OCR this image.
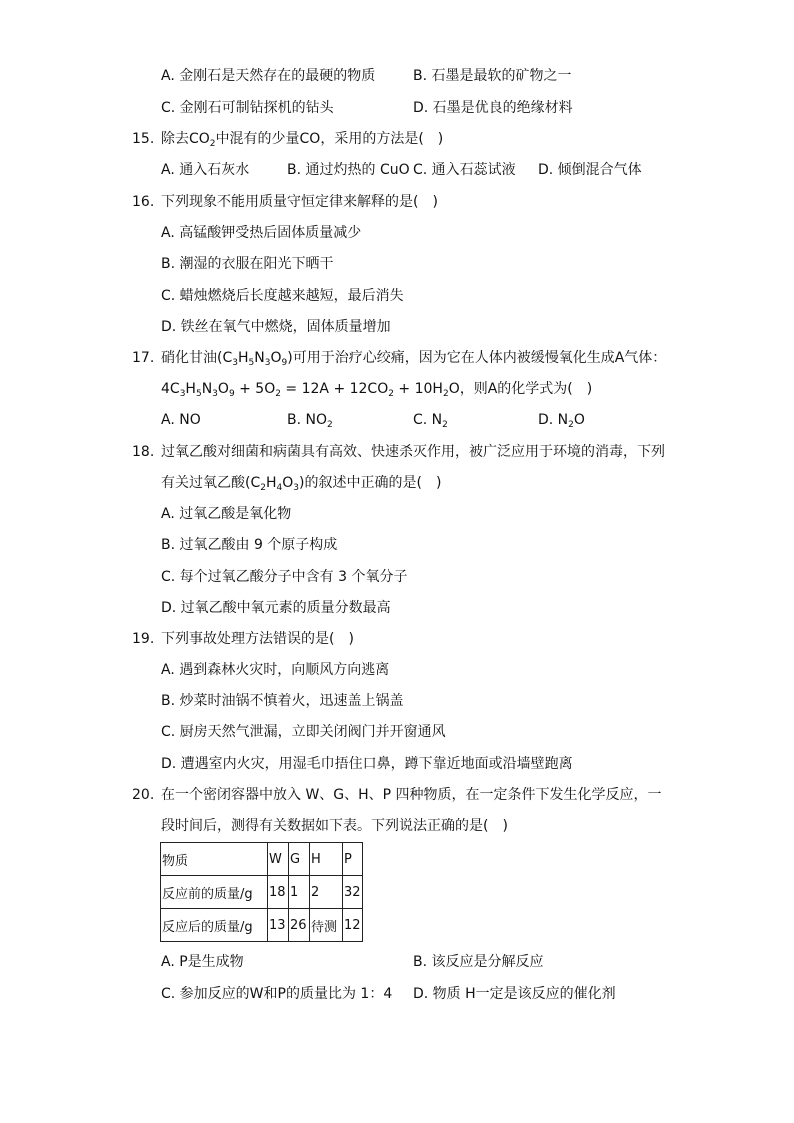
A. 金刚石是天然存在的最硬的物质	B. 石墨是最软的矿物之一
C. 金刚石可制钻探机的钻头	D. 石墨是优良的绝缘材料
15. 除去$CO_2$中混有的少量CO，采用的方法是(　)
A. 通入石灰水	B. 通过灼热的 CuO C. 通入石蕊试液 D. 倾倒混合气体
16. 下列现象不能用质量守恒定律来解释的是(　)
A. 高锰酸钾受热后固体质量减少
B. 潮湿的衣服在阳光下晒干
C. 蜡烛燃烧后长度越来越短，最后消失
D. 铁丝在氧气中燃烧，固体质量增加
17. 硝化甘油$(C_3H_5N_3O_9)$可用于治疗心绞痛，因为它在人体内被缓慢氧化生成A气体：
$4C_3H_5N_3O_9 + 5O_2 = 12A + 12CO_2 + 10H_2O$，则A的化学式为(　)
A. NO	B. $NO_2$	C. $N_2$	D. $N_2O$
18. 过氧乙酸对细菌和病菌具有高效、快速杀灭作用，被广泛应用于环境的消毒，下列
有关过氧乙酸$(C_2H_4O_3)$的叙述中正确的是(　)
A. 过氧乙酸是氧化物
B. 过氧乙酸由 9 个原子构成
C. 每个过氧乙酸分子中含有 3 个氧分子
D. 过氧乙酸中氧元素的质量分数最高
19. 下列事故处理方法错误的是(　)
A. 遇到森林火灾时，向顺风方向逃离
B. 炒菜时油锅不慎着火，迅速盖上锅盖
C. 厨房天然气泄漏，立即关闭阀门并开窗通风
D. 遭遇室内火灾，用湿毛巾捂住口鼻，蹲下靠近地面或沿墙壁跑离
20. 在一个密闭容器中放入 W、G、H、P 四种物质，在一定条件下发生化学反应，一
段时间后，测得有关数据如下表。下列说法正确的是(　)
物质	W	G	H	P
反应前的质量/g	18	1	2	32
反应后的质量/g	13	26	待测	12
A. P是生成物	B. 该反应是分解反应
C. 参加反应的W和P的质量比为 1：4 D. 物质 H一定是该反应的催化剂
